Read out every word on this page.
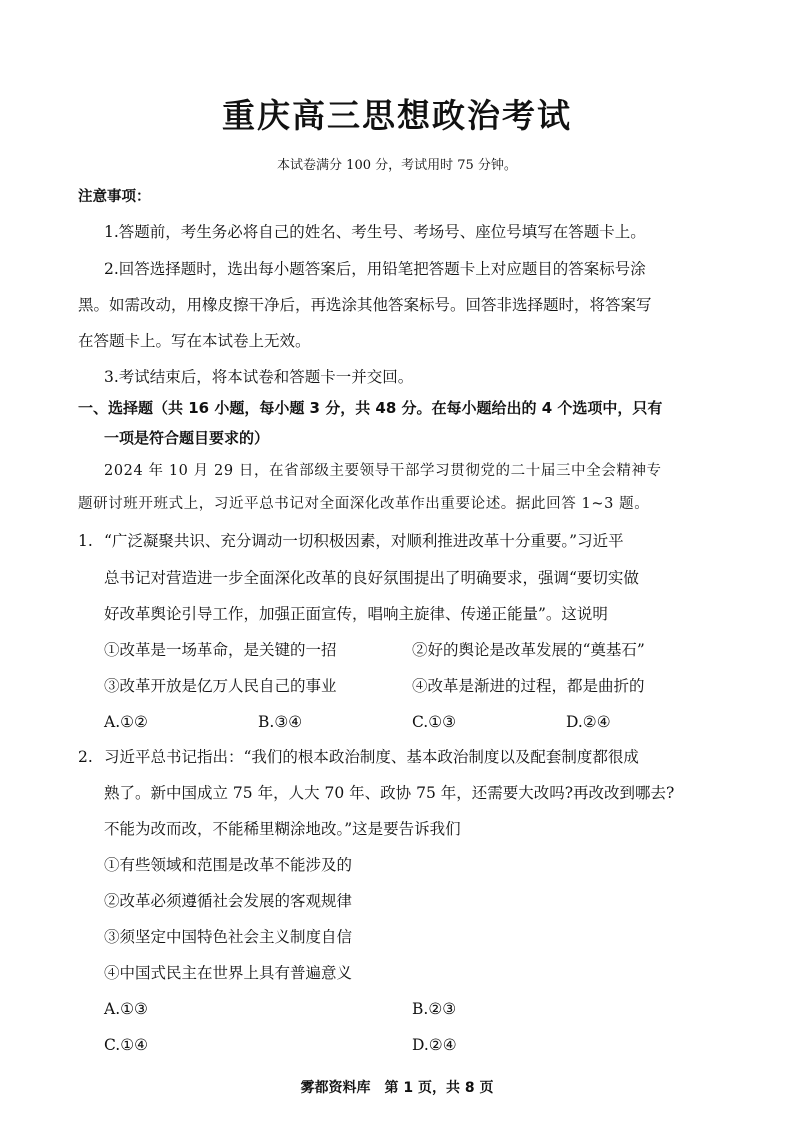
重庆高三思想政治考试
本试卷满分 100 分，考试用时 75 分钟。
注意事项：
1.答题前，考生务必将自己的姓名、考生号、考场号、座位号填写在答题卡上。
2.回答选择题时，选出每小题答案后，用铅笔把答题卡上对应题目的答案标号涂
黑。如需改动，用橡皮擦干净后，再选涂其他答案标号。回答非选择题时，将答案写
在答题卡上。写在本试卷上无效。
3.考试结束后，将本试卷和答题卡一并交回。
一、选择题（共 16 小题，每小题 3 分，共 48 分。在每小题给出的 4 个选项中，只有
一项是符合题目要求的）
2024 年 10 月 29 日，在省部级主要领导干部学习贯彻党的二十届三中全会精神专
题研讨班开班式上，习近平总书记对全面深化改革作出重要论述。据此回答 1~3 题。
1. “广泛凝聚共识、充分调动一切积极因素，对顺利推进改革十分重要。”习近平
总书记对营造进一步全面深化改革的良好氛围提出了明确要求，强调“要切实做
好改革舆论引导工作，加强正面宣传，唱响主旋律、传递正能量”。这说明
①改革是一场革命，是关键的一招	②好的舆论是改革发展的“奠基石”
③改革开放是亿万人民自己的事业	④改革是渐进的过程，都是曲折的
A.①②	B.③④	C.①③	D.②④
2. 习近平总书记指出：“我们的根本政治制度、基本政治制度以及配套制度都很成
熟了。新中国成立 75 年，人大 70 年、政协 75 年，还需要大改吗?再改改到哪去?
不能为改而改，不能稀里糊涂地改。”这是要告诉我们
①有些领域和范围是改革不能涉及的
②改革必须遵循社会发展的客观规律
③须坚定中国特色社会主义制度自信
④中国式民主在世界上具有普遍意义
A.①③	B.②③
C.①④	D.②④
雾都资料库　第 1 页，共 8 页
